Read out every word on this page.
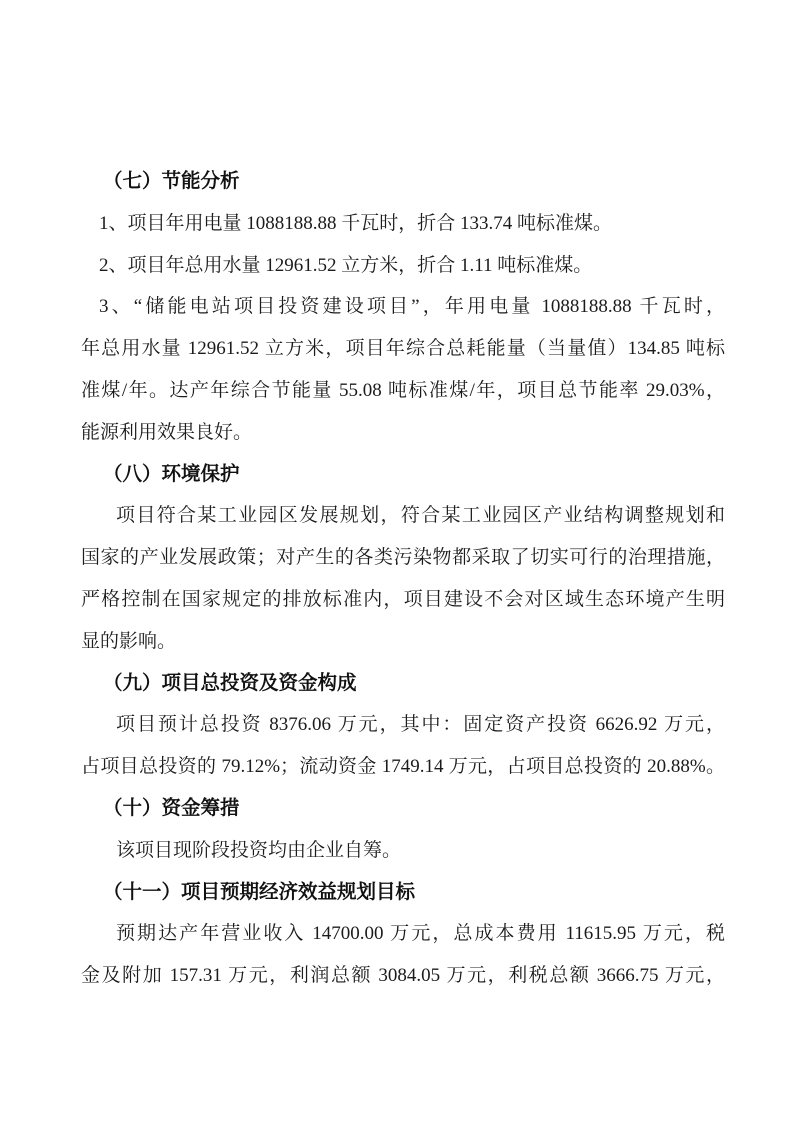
（七）节能分析
1、项目年用电量 1088188.88 千瓦时，折合 133.74 吨标准煤。
2、项目年总用水量 12961.52 立方米，折合 1.11 吨标准煤。
3、“储能电站项目投资建设项目”，年用电量 1088188.88 千瓦时，
年总用水量 12961.52 立方米，项目年综合总耗能量（当量值）134.85 吨标
准煤/年。达产年综合节能量 55.08 吨标准煤/年，项目总节能率 29.03%，
能源利用效果良好。
（八）环境保护
项目符合某工业园区发展规划，符合某工业园区产业结构调整规划和
国家的产业发展政策；对产生的各类污染物都采取了切实可行的治理措施，
严格控制在国家规定的排放标准内，项目建设不会对区域生态环境产生明
显的影响。
（九）项目总投资及资金构成
项目预计总投资 8376.06 万元，其中：固定资产投资 6626.92 万元，
占项目总投资的 79.12%；流动资金 1749.14 万元，占项目总投资的 20.88%。
（十）资金筹措
该项目现阶段投资均由企业自筹。
（十一）项目预期经济效益规划目标
预期达产年营业收入 14700.00 万元，总成本费用 11615.95 万元，税
金及附加 157.31 万元，利润总额 3084.05 万元，利税总额 3666.75 万元，
